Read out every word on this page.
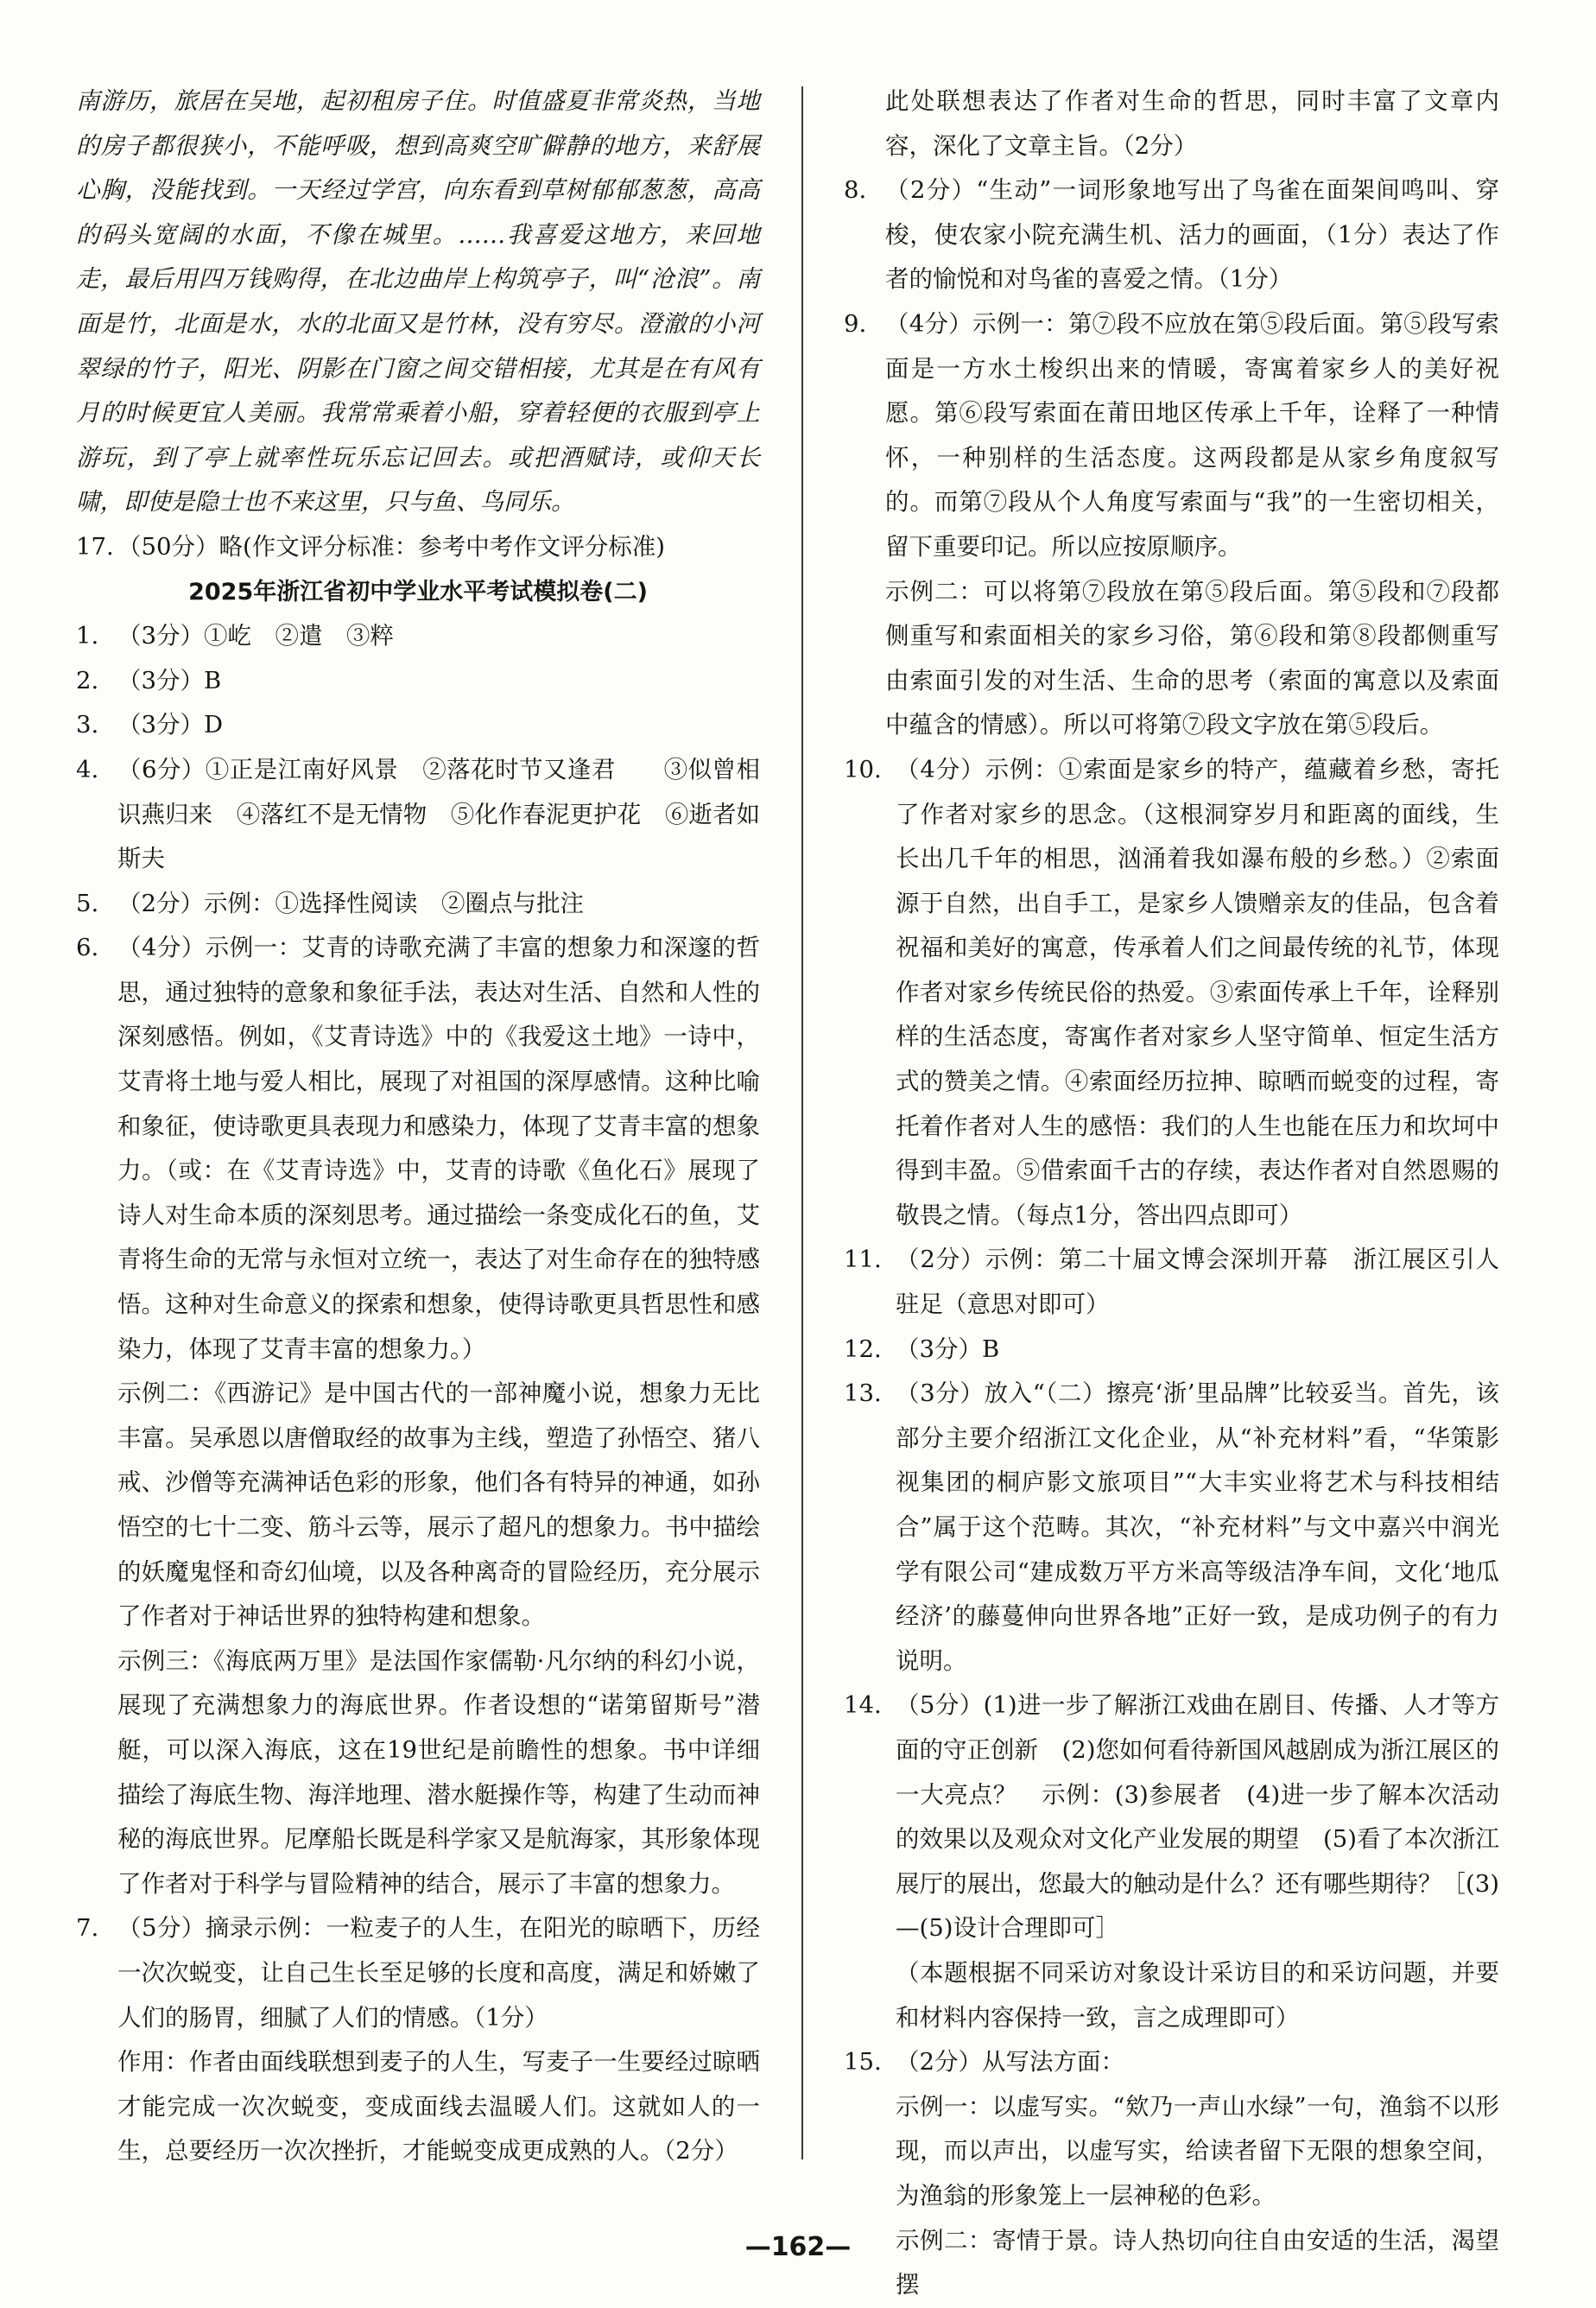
南游历，旅居在吴地，起初租房子住。时值盛夏非常炎热，当地的房子都很狭小，不能呼吸，想到高爽空旷僻静的地方，来舒展心胸，没能找到。一天经过学宫，向东看到草树郁郁葱葱，高高的码头宽阔的水面，不像在城里。……我喜爱这地方，来回地走，最后用四万钱购得，在北边曲岸上构筑亭子，叫“沧浪”。南面是竹，北面是水，水的北面又是竹林，没有穷尽。澄澈的小河翠绿的竹子，阳光、阴影在门窗之间交错相接，尤其是在有风有月的时候更宜人美丽。我常常乘着小船，穿着轻便的衣服到亭上游玩，到了亭上就率性玩乐忘记回去。或把酒赋诗，或仰天长啸，即使是隐士也不来这里，只与鱼、鸟同乐。

17. （50分）略(作文评分标准：参考中考作文评分标准)
2025年浙江省初中学业水平考试模拟卷(二)
1. （3分）①屹　②遣　③粹
2. （3分）B
3. （3分）D
4. （6分）①正是江南好风景　②落花时节又逢君　　③似曾相识燕归来　④落红不是无情物　⑤化作春泥更护花　⑥逝者如斯夫
5. （2分）示例：①选择性阅读　②圈点与批注
6. （4分）示例一：艾青的诗歌充满了丰富的想象力和深邃的哲思，通过独特的意象和象征手法，表达对生活、自然和人性的深刻感悟。例如，《艾青诗选》中的《我爱这土地》一诗中，艾青将土地与爱人相比，展现了对祖国的深厚感情。这种比喻和象征，使诗歌更具表现力和感染力，体现了艾青丰富的想象力。（或：在《艾青诗选》中，艾青的诗歌《鱼化石》展现了诗人对生命本质的深刻思考。通过描绘一条变成化石的鱼，艾青将生命的无常与永恒对立统一，表达了对生命存在的独特感悟。这种对生命意义的探索和想象，使得诗歌更具哲思性和感染力，体现了艾青丰富的想象力。）
示例二：《西游记》是中国古代的一部神魔小说，想象力无比丰富。吴承恩以唐僧取经的故事为主线，塑造了孙悟空、猪八戒、沙僧等充满神话色彩的形象，他们各有特异的神通，如孙悟空的七十二变、筋斗云等，展示了超凡的想象力。书中描绘的妖魔鬼怪和奇幻仙境，以及各种离奇的冒险经历，充分展示了作者对于神话世界的独特构建和想象。
示例三：《海底两万里》是法国作家儒勒·凡尔纳的科幻小说，展现了充满想象力的海底世界。作者设想的“诺第留斯号”潜艇，可以深入海底，这在19世纪是前瞻性的想象。书中详细描绘了海底生物、海洋地理、潜水艇操作等，构建了生动而神秘的海底世界。尼摩船长既是科学家又是航海家，其形象体现了作者对于科学与冒险精神的结合，展示了丰富的想象力。
7. （5分）摘录示例：一粒麦子的人生，在阳光的晾晒下，历经一次次蜕变，让自己生长至足够的长度和高度，满足和娇嫩了人们的肠胃，细腻了人们的情感。（1分）
作用：作者由面线联想到麦子的人生，写麦子一生要经过晾晒才能完成一次次蜕变，变成面线去温暖人们。这就如人的一生，总要经历一次次挫折，才能蜕变成更成熟的人。（2分）
此处联想表达了作者对生命的哲思，同时丰富了文章内容，深化了文章主旨。（2分）
8. （2分）“生动”一词形象地写出了鸟雀在面架间鸣叫、穿梭，使农家小院充满生机、活力的画面，（1分）表达了作者的愉悦和对鸟雀的喜爱之情。（1分）
9. （4分）示例一：第⑦段不应放在第⑤段后面。第⑤段写索面是一方水土梭织出来的情暖，寄寓着家乡人的美好祝愿。第⑥段写索面在莆田地区传承上千年，诠释了一种情怀，一种别样的生活态度。这两段都是从家乡角度叙写的。而第⑦段从个人角度写索面与“我”的一生密切相关，留下重要印记。所以应按原顺序。
示例二：可以将第⑦段放在第⑤段后面。第⑤段和⑦段都侧重写和索面相关的家乡习俗，第⑥段和第⑧段都侧重写由索面引发的对生活、生命的思考（索面的寓意以及索面中蕴含的情感）。所以可将第⑦段文字放在第⑤段后。
10. （4分）示例：①索面是家乡的特产，蕴藏着乡愁，寄托了作者对家乡的思念。（这根洞穿岁月和距离的面线，生长出几千年的相思，汹涌着我如瀑布般的乡愁。）②索面源于自然，出自手工，是家乡人馈赠亲友的佳品，包含着祝福和美好的寓意，传承着人们之间最传统的礼节，体现作者对家乡传统民俗的热爱。③索面传承上千年，诠释别样的生活态度，寄寓作者对家乡人坚守简单、恒定生活方式的赞美之情。④索面经历拉抻、晾晒而蜕变的过程，寄托着作者对人生的感悟：我们的人生也能在压力和坎坷中得到丰盈。⑤借索面千古的存续，表达作者对自然恩赐的敬畏之情。（每点1分，答出四点即可）
11. （2分）示例：第二十届文博会深圳开幕　浙江展区引人驻足（意思对即可）
12. （3分）B
13. （3分）放入“（二）擦亮‘浙’里品牌”比较妥当。首先，该部分主要介绍浙江文化企业，从“补充材料”看，“华策影视集团的桐庐影文旅项目”“大丰实业将艺术与科技相结合”属于这个范畴。其次，“补充材料”与文中嘉兴中润光学有限公司“建成数万平方米高等级洁净车间，文化‘地瓜经济’的藤蔓伸向世界各地”正好一致，是成功例子的有力说明。
14. （5分）(1)进一步了解浙江戏曲在剧目、传播、人才等方面的守正创新　(2)您如何看待新国风越剧成为浙江展区的一大亮点？　示例：(3)参展者　(4)进一步了解本次活动的效果以及观众对文化产业发展的期望　(5)看了本次浙江展厅的展出，您最大的触动是什么？还有哪些期待？［(3)—(5)设计合理即可］
（本题根据不同采访对象设计采访目的和采访问题，并要和材料内容保持一致，言之成理即可）
15. （2分）从写法方面：
示例一：以虚写实。“欸乃一声山水绿”一句，渔翁不以形现，而以声出，以虚写实，给读者留下无限的想象空间，为渔翁的形象笼上一层神秘的色彩。
示例二：寄情于景。诗人热切向往自由安适的生活，渴望摆
—162—
